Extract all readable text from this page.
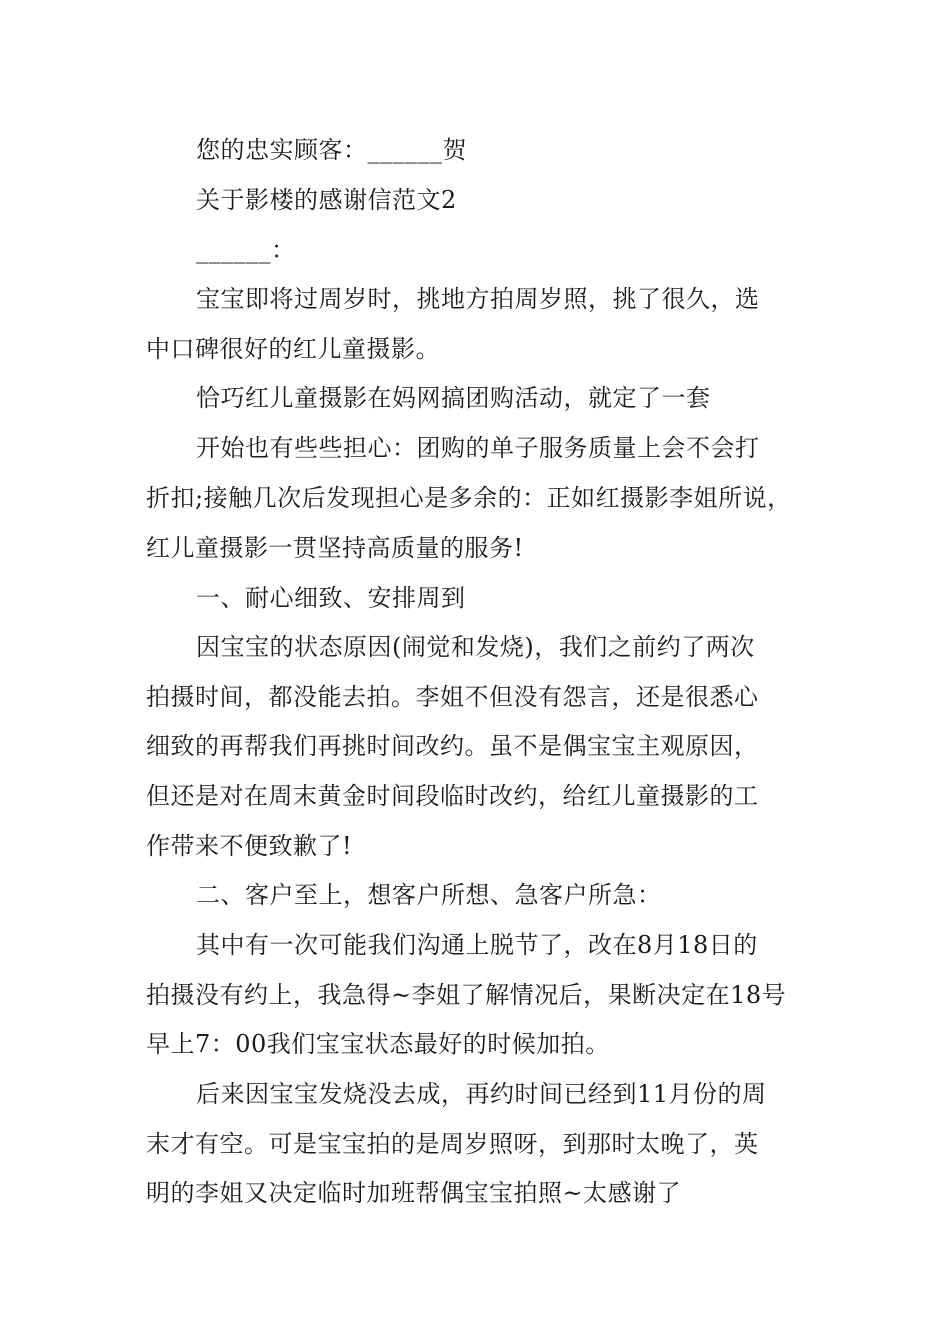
您的忠实顾客：______贺
关于影楼的感谢信范文2
______：
宝宝即将过周岁时，挑地方拍周岁照，挑了很久，选
中口碑很好的红儿童摄影。
恰巧红儿童摄影在妈网搞团购活动，就定了一套
开始也有些些担心：团购的单子服务质量上会不会打
折扣;接触几次后发现担心是多余的：正如红摄影李姐所说，
红儿童摄影一贯坚持高质量的服务!
一、耐心细致、安排周到
因宝宝的状态原因(闹觉和发烧)，我们之前约了两次
拍摄时间，都没能去拍。李姐不但没有怨言，还是很悉心
细致的再帮我们再挑时间改约。虽不是偶宝宝主观原因，
但还是对在周末黄金时间段临时改约，给红儿童摄影的工
作带来不便致歉了!
二、客户至上，想客户所想、急客户所急：
其中有一次可能我们沟通上脱节了，改在8月18日的
拍摄没有约上，我急得~李姐了解情况后，果断决定在18号
早上7：00我们宝宝状态最好的时候加拍。
后来因宝宝发烧没去成，再约时间已经到11月份的周
末才有空。可是宝宝拍的是周岁照呀，到那时太晚了，英
明的李姐又决定临时加班帮偶宝宝拍照~太感谢了
